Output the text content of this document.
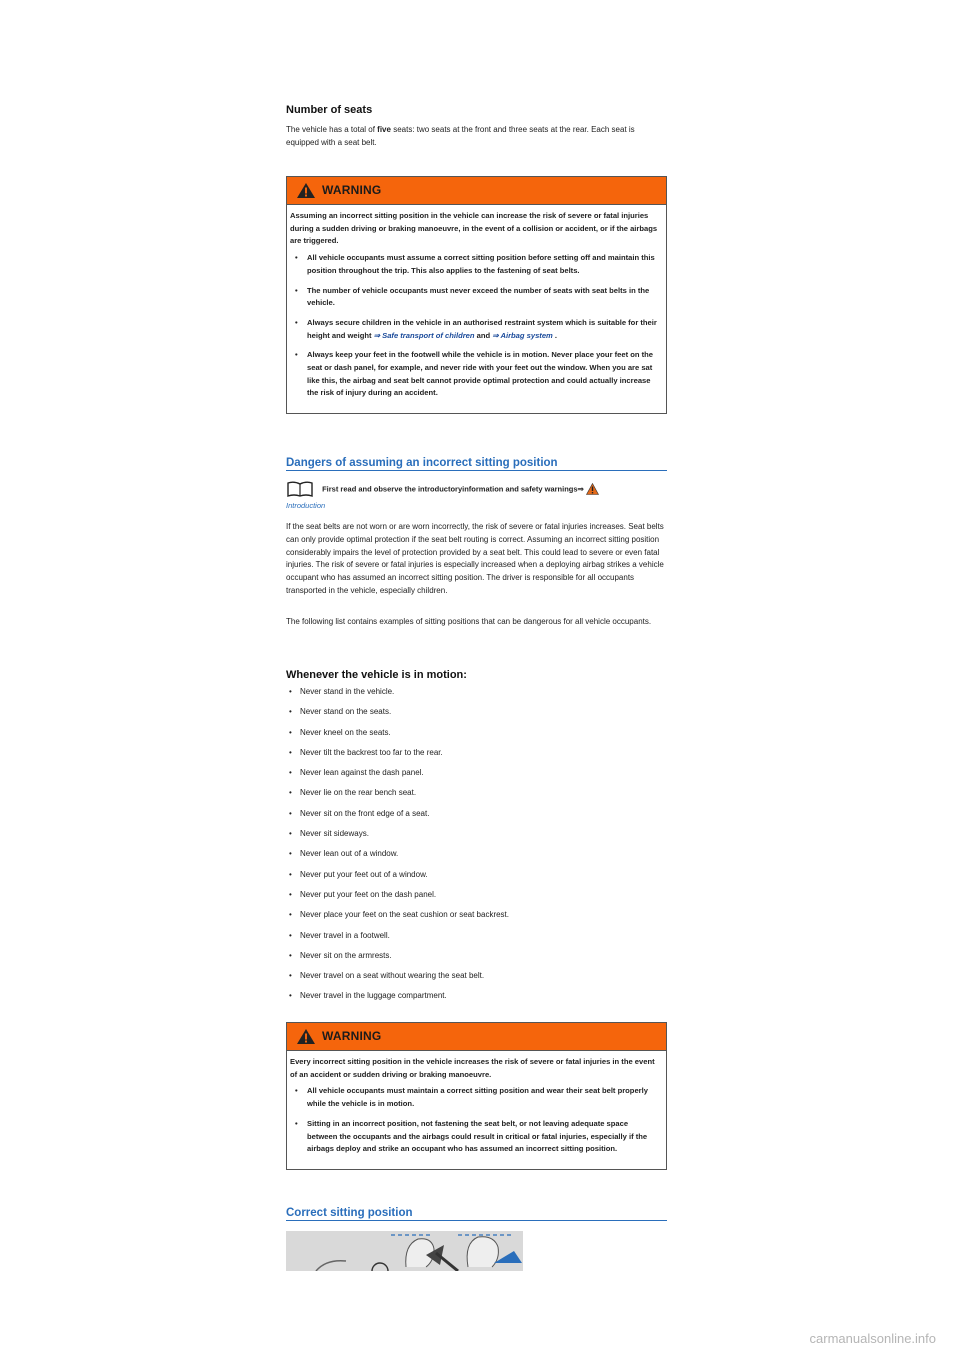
Number of seats

The vehicle has a total of five seats: two seats at the front and three seats at the rear. Each seat is equipped with a seat belt.

WARNING

Assuming an incorrect sitting position in the vehicle can increase the risk of severe or fatal injuries during a sudden driving or braking manoeuvre, in the event of a collision or accident, or if the airbags are triggered.

• All vehicle occupants must assume a correct sitting position before setting off and maintain this position throughout the trip. This also applies to the fastening of seat belts.
• The number of vehicle occupants must never exceed the number of seats with seat belts in the vehicle.
• Always secure children in the vehicle in an authorised restraint system which is suitable for their height and weight ⇒ Safe transport of children and ⇒ Airbag system .
• Always keep your feet in the footwell while the vehicle is in motion. Never place your feet on the seat or dash panel, for example, and never ride with your feet out the window. When you are sat like this, the airbag and seat belt cannot provide optimal protection and could actually increase the risk of injury during an accident.
Dangers of assuming an incorrect sitting position
First read and observe the introductoryinformation and safety warnings⇒
Introduction

If the seat belts are not worn or are worn incorrectly, the risk of severe or fatal injuries increases. Seat belts can only provide optimal protection if the seat belt routing is correct. Assuming an incorrect sitting position considerably impairs the level of protection provided by a seat belt. This could lead to severe or even fatal injuries. The risk of severe or fatal injuries is especially increased when a deploying airbag strikes a vehicle occupant who has assumed an incorrect sitting position. The driver is responsible for all occupants transported in the vehicle, especially children.

The following list contains examples of sitting positions that can be dangerous for all vehicle occupants.

Whenever the vehicle is in motion:
• Never stand in the vehicle.
• Never stand on the seats.
• Never kneel on the seats.
• Never tilt the backrest too far to the rear.
• Never lean against the dash panel.
• Never lie on the rear bench seat.
• Never sit on the front edge of a seat.
• Never sit sideways.
• Never lean out of a window.
• Never put your feet out of a window.
• Never put your feet on the dash panel.
• Never place your feet on the seat cushion or seat backrest.
• Never travel in a footwell.
• Never sit on the armrests.
• Never travel on a seat without wearing the seat belt.
• Never travel in the luggage compartment.
WARNING

Every incorrect sitting position in the vehicle increases the risk of severe or fatal injuries in the event of an accident or sudden driving or braking manoeuvre.

• All vehicle occupants must maintain a correct sitting position and wear their seat belt properly while the vehicle is in motion.
• Sitting in an incorrect position, not fastening the seat belt, or not leaving adequate space between the occupants and the airbags could result in critical or fatal injuries, especially if the airbags deploy and strike an occupant who has assumed an incorrect sitting position.
Correct sitting position
carmanualsonline.info
